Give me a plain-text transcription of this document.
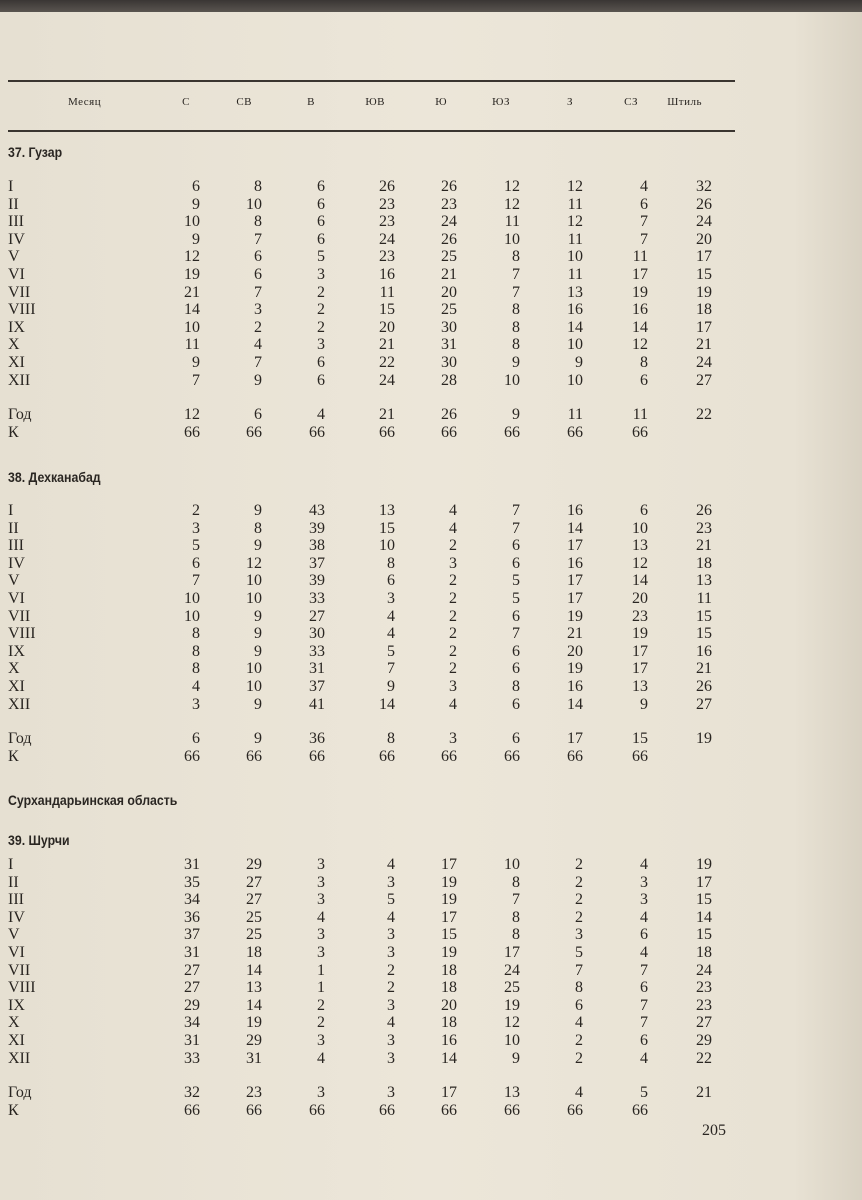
Месяц	С	СВ	В	ЮВ	Ю	ЮЗ	З	СЗ	Штиль
37. Гузар
I	6	8	6	26	26	12	12	4	32
II	9	10	6	23	23	12	11	6	26
III	10	8	6	23	24	11	12	7	24
IV	9	7	6	24	26	10	11	7	20
V	12	6	5	23	25	8	10	11	17
VI	19	6	3	16	21	7	11	17	15
VII	21	7	2	11	20	7	13	19	19
VIII	14	3	2	15	25	8	16	16	18
IX	10	2	2	20	30	8	14	14	17
X	11	4	3	21	31	8	10	12	21
XI	9	7	6	22	30	9	9	8	24
XII	7	9	6	24	28	10	10	6	27
Год	12	6	4	21	26	9	11	11	22
К	66	66	66	66	66	66	66	66
38. Дехканабад
I	2	9	43	13	4	7	16	6	26
II	3	8	39	15	4	7	14	10	23
III	5	9	38	10	2	6	17	13	21
IV	6	12	37	8	3	6	16	12	18
V	7	10	39	6	2	5	17	14	13
VI	10	10	33	3	2	5	17	20	11
VII	10	9	27	4	2	6	19	23	15
VIII	8	9	30	4	2	7	21	19	15
IX	8	9	33	5	2	6	20	17	16
X	8	10	31	7	2	6	19	17	21
XI	4	10	37	9	3	8	16	13	26
XII	3	9	41	14	4	6	14	9	27
Год	6	9	36	8	3	6	17	15	19
К	66	66	66	66	66	66	66	66
Сурхандарьинская область
39. Шурчи
I	31	29	3	4	17	10	2	4	19
II	35	27	3	3	19	8	2	3	17
III	34	27	3	5	19	7	2	3	15
IV	36	25	4	4	17	8	2	4	14
V	37	25	3	3	15	8	3	6	15
VI	31	18	3	3	19	17	5	4	18
VII	27	14	1	2	18	24	7	7	24
VIII	27	13	1	2	18	25	8	6	23
IX	29	14	2	3	20	19	6	7	23
X	34	19	2	4	18	12	4	7	27
XI	31	29	3	3	16	10	2	6	29
XII	33	31	4	3	14	9	2	4	22
Год	32	23	3	3	17	13	4	5	21
К	66	66	66	66	66	66	66	66
205
